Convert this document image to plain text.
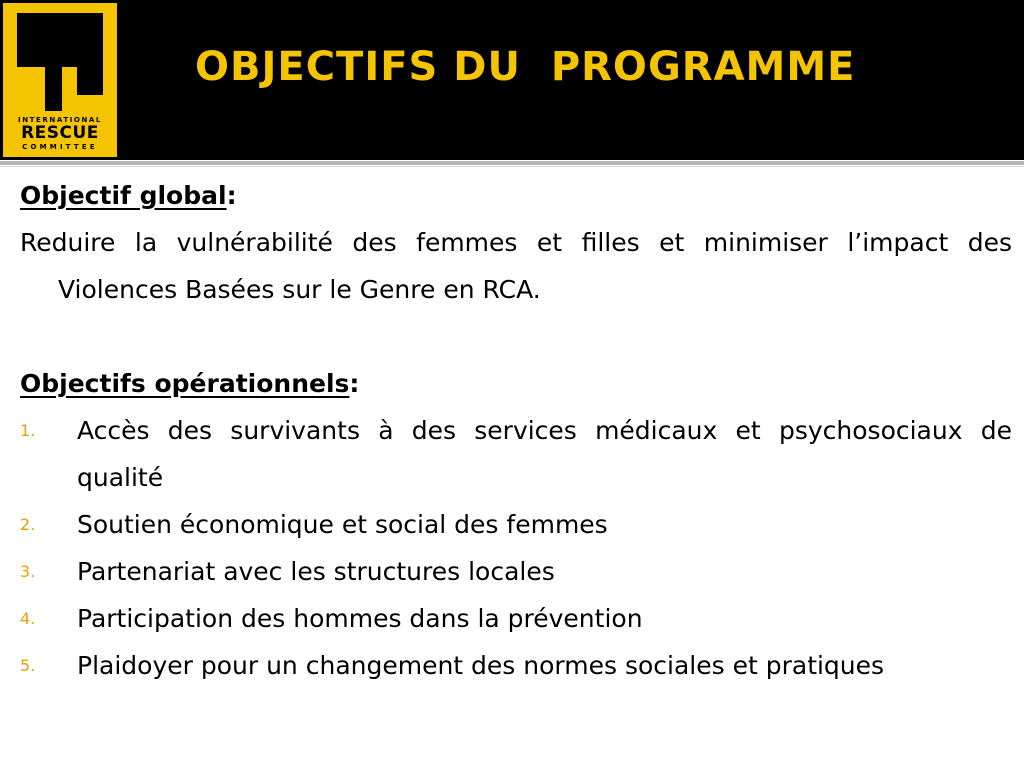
INTERNATIONAL
RESCUE
COMMITTEE
OBJECTIFS DU  PROGRAMME

Objectif global:

Reduire la vulnérabilité des femmes et filles et minimiser l’impact des Violences Basées sur le Genre en RCA.

Objectifs opérationnels:

1. Accès des survivants à des services médicaux et psychosociaux de qualité
2. Soutien économique et social des femmes
3. Partenariat avec les structures locales
4. Participation des hommes dans la prévention
5. Plaidoyer pour un changement des normes sociales et pratiques
